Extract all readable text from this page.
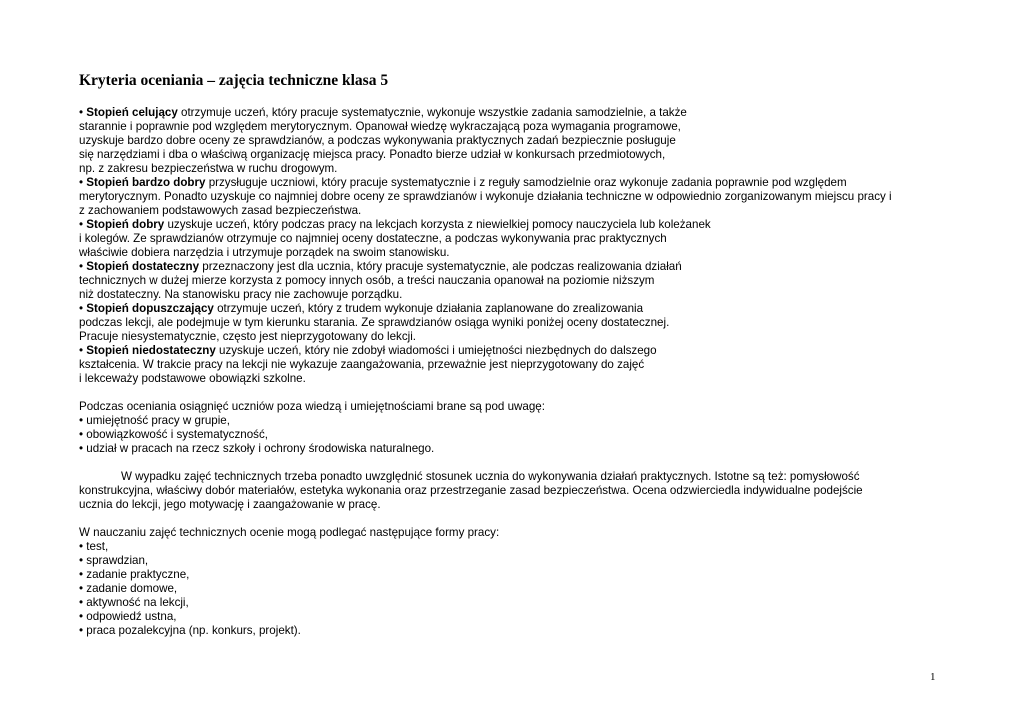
Kryteria oceniania – zajęcia techniczne klasa 5
• Stopień celujący otrzymuje uczeń, który pracuje systematycznie, wykonuje wszystkie zadania samodzielnie, a także
starannie i poprawnie pod względem merytorycznym. Opanował wiedzę wykraczającą poza wymagania programowe,
uzyskuje bardzo dobre oceny ze sprawdzianów, a podczas wykonywania praktycznych zadań bezpiecznie posługuje
się narzędziami i dba o właściwą organizację miejsca pracy. Ponadto bierze udział w konkursach przedmiotowych,
np. z zakresu bezpieczeństwa w ruchu drogowym.
• Stopień bardzo dobry przysługuje uczniowi, który pracuje systematycznie i z reguły samodzielnie oraz wykonuje zadania poprawnie pod względem
merytorycznym. Ponadto uzyskuje co najmniej dobre oceny ze sprawdzianów i wykonuje działania techniczne w odpowiednio zorganizowanym miejscu pracy i
z zachowaniem podstawowych zasad bezpieczeństwa.
• Stopień dobry uzyskuje uczeń, który podczas pracy na lekcjach korzysta z niewielkiej pomocy nauczyciela lub koleżanek
i kolegów. Ze sprawdzianów otrzymuje co najmniej oceny dostateczne, a podczas wykonywania prac praktycznych
właściwie dobiera narzędzia i utrzymuje porządek na swoim stanowisku.
• Stopień dostateczny przeznaczony jest dla ucznia, który pracuje systematycznie, ale podczas realizowania działań
technicznych w dużej mierze korzysta z pomocy innych osób, a treści nauczania opanował na poziomie niższym
niż dostateczny. Na stanowisku pracy nie zachowuje porządku.
• Stopień dopuszczający otrzymuje uczeń, który z trudem wykonuje działania zaplanowane do zrealizowania
podczas lekcji, ale podejmuje w tym kierunku starania. Ze sprawdzianów osiąga wyniki poniżej oceny dostatecznej.
Pracuje niesystematycznie, często jest nieprzygotowany do lekcji.
• Stopień niedostateczny uzyskuje uczeń, który nie zdobył wiadomości i umiejętności niezbędnych do dalszego
kształcenia. W trakcie pracy na lekcji nie wykazuje zaangażowania, przeważnie jest nieprzygotowany do zajęć
i lekceważy podstawowe obowiązki szkolne.
Podczas oceniania osiągnięć uczniów poza wiedzą i umiejętnościami brane są pod uwagę:
• umiejętność pracy w grupie,
• obowiązkowość i systematyczność,
• udział w pracach na rzecz szkoły i ochrony środowiska naturalnego.
W wypadku zajęć technicznych trzeba ponadto uwzględnić stosunek ucznia do wykonywania działań praktycznych. Istotne są też: pomysłowość
konstrukcyjna, właściwy dobór materiałów, estetyka wykonania oraz przestrzeganie zasad bezpieczeństwa. Ocena odzwierciedla indywidualne podejście
ucznia do lekcji, jego motywację i zaangażowanie w pracę.
W nauczaniu zajęć technicznych ocenie mogą podlegać następujące formy pracy:
• test,
• sprawdzian,
• zadanie praktyczne,
• zadanie domowe,
• aktywność na lekcji,
• odpowiedź ustna,
• praca pozalekcyjna (np. konkurs, projekt).
1
